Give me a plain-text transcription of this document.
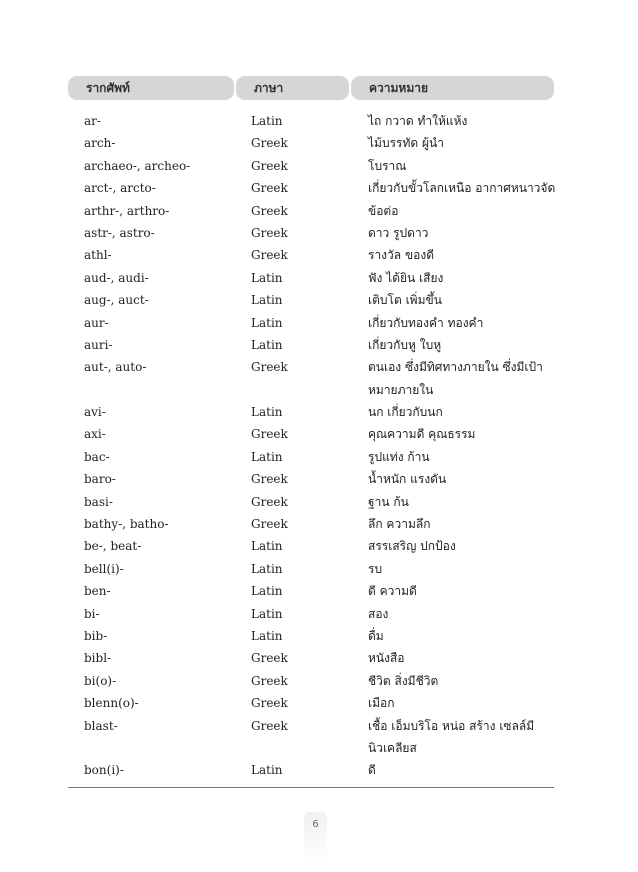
รากศัพท์	ภาษา	ความหมาย
ar-	Latin	ไถ กวาด ทำให้แห้ง
arch-	Greek	ไม้บรรทัด ผู้นำ
archaeo-, archeo-	Greek	โบราณ
arct-, arcto-	Greek	เกี่ยวกับขั้วโลกเหนือ อากาศหนาวจัด
arthr-, arthro-	Greek	ข้อต่อ
astr-, astro-	Greek	ดาว รูปดาว
athl-	Greek	รางวัล ของดี
aud-, audi-	Latin	ฟัง ได้ยิน เสียง
aug-, auct-	Latin	เติบโต เพิ่มขึ้น
aur-	Latin	เกี่ยวกับทองคำ ทองคำ
auri-	Latin	เกี่ยวกับหู ใบหู
aut-, auto-	Greek	ตนเอง ซึ่งมีทิศทางภายใน ซึ่งมีเป้าหมายภายใน
avi-	Latin	นก เกี่ยวกับนก
axi-	Greek	คุณความดี คุณธรรม
bac-	Latin	รูปแท่ง ก้าน
baro-	Greek	น้ำหนัก แรงดัน
basi-	Greek	ฐาน ก้น
bathy-, batho-	Greek	ลึก ความลึก
be-, beat-	Latin	สรรเสริญ ปกป้อง
bell(i)-	Latin	รบ
ben-	Latin	ดี ความดี
bi-	Latin	สอง
bib-	Latin	ดื่ม
bibl-	Greek	หนังสือ
bi(o)-	Greek	ชีวิต สิ่งมีชีวิต
blenn(o)-	Greek	เมือก
blast-	Greek	เชื้อ เอ็มบริโอ หน่อ สร้าง เซลล์มีนิวเคลียส
bon(i)-	Latin	ดี
6
